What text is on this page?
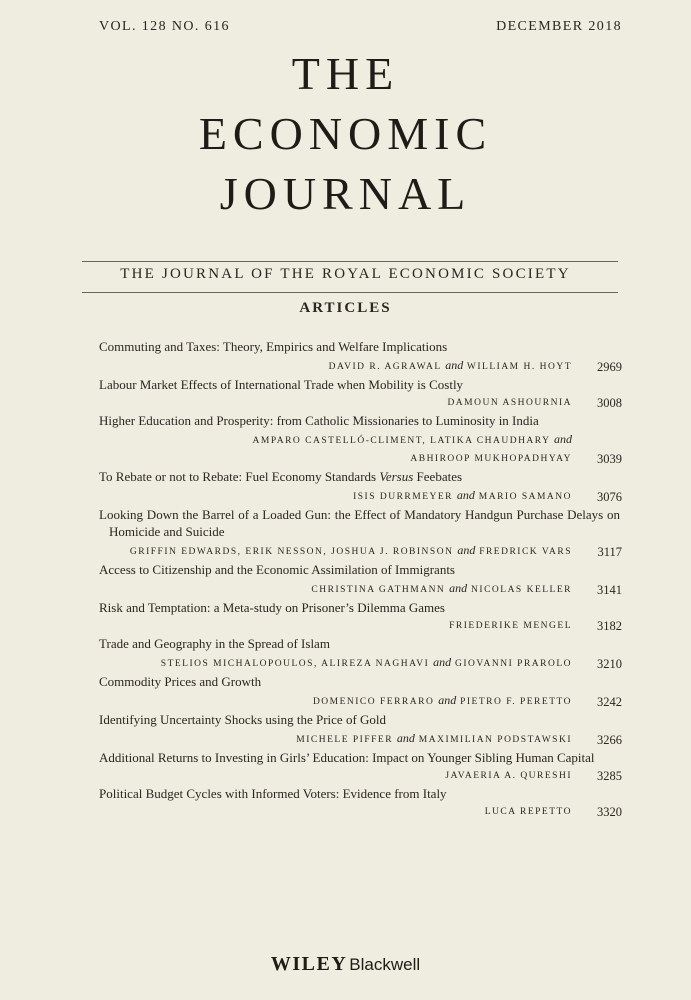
VOL. 128 NO. 616	DECEMBER 2018
THE
ECONOMIC
JOURNAL
THE JOURNAL OF THE ROYAL ECONOMIC SOCIETY
ARTICLES
Commuting and Taxes: Theory, Empirics and Welfare Implications
DAVID R. AGRAWAL and WILLIAM H. HOYT	2969
Labour Market Effects of International Trade when Mobility is Costly
DAMOUN ASHOURNIA	3008
Higher Education and Prosperity: from Catholic Missionaries to Luminosity in India
AMPARO CASTELLÓ-CLIMENT, LATIKA CHAUDHARY and
ABHIROOP MUKHOPADHYAY	3039
To Rebate or not to Rebate: Fuel Economy Standards Versus Feebates
ISIS DURRMEYER and MARIO SAMANO	3076
Looking Down the Barrel of a Loaded Gun: the Effect of Mandatory Handgun Purchase Delays on Homicide and Suicide
GRIFFIN EDWARDS, ERIK NESSON, JOSHUA J. ROBINSON and FREDRICK VARS	3117
Access to Citizenship and the Economic Assimilation of Immigrants
CHRISTINA GATHMANN and NICOLAS KELLER	3141
Risk and Temptation: a Meta-study on Prisoner’s Dilemma Games
FRIEDERIKE MENGEL	3182
Trade and Geography in the Spread of Islam
STELIOS MICHALOPOULOS, ALIREZA NAGHAVI and GIOVANNI PRAROLO	3210
Commodity Prices and Growth
DOMENICO FERRARO and PIETRO F. PERETTO	3242
Identifying Uncertainty Shocks using the Price of Gold
MICHELE PIFFER and MAXIMILIAN PODSTAWSKI	3266
Additional Returns to Investing in Girls’ Education: Impact on Younger Sibling Human Capital
JAVAERIA A. QURESHI	3285
Political Budget Cycles with Informed Voters: Evidence from Italy
LUCA REPETTO	3320
WILEY Blackwell
